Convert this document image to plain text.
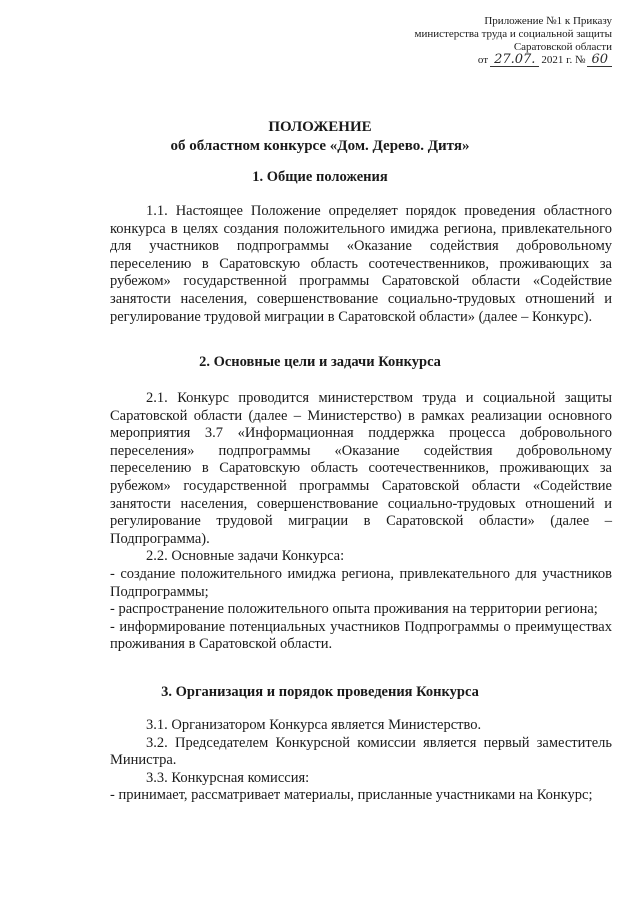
Приложение №1 к Приказу
министерства труда и социальной защиты
Саратовской области
от 27.07. 2021 г. № 60
ПОЛОЖЕНИЕ
об областном конкурсе «Дом. Дерево. Дитя»
1. Общие положения

1.1. Настоящее Положение определяет порядок проведения областного конкурса в целях создания положительного имиджа региона, привлекательного для участников подпрограммы «Оказание содействия добровольному переселению в Саратовскую область соотечественников, проживающих за рубежом» государственной программы Саратовской области «Содействие занятости населения, совершенствование социально-трудовых отношений и регулирование трудовой миграции в Саратовской области» (далее – Конкурс).

2. Основные цели и задачи Конкурса

2.1. Конкурс проводится министерством труда и социальной защиты Саратовской области (далее – Министерство) в рамках реализации основного мероприятия 3.7 «Информационная поддержка процесса добровольного переселения» подпрограммы «Оказание содействия добровольному переселению в Саратовскую область соотечественников, проживающих за рубежом» государственной программы Саратовской области «Содействие занятости населения, совершенствование социально-трудовых отношений и регулирование трудовой миграции в Саратовской области» (далее – Подпрограмма).

2.2. Основные задачи Конкурса:

- создание положительного имиджа региона, привлекательного для участников Подпрограммы;

- распространение положительного опыта проживания на территории региона;

- информирование потенциальных участников Подпрограммы о преимуществах проживания в Саратовской области.

3. Организация и порядок проведения Конкурса

3.1. Организатором Конкурса является Министерство.

3.2. Председателем Конкурсной комиссии является первый заместитель Министра.

3.3. Конкурсная комиссия:

- принимает, рассматривает материалы, присланные участниками на Конкурс;
